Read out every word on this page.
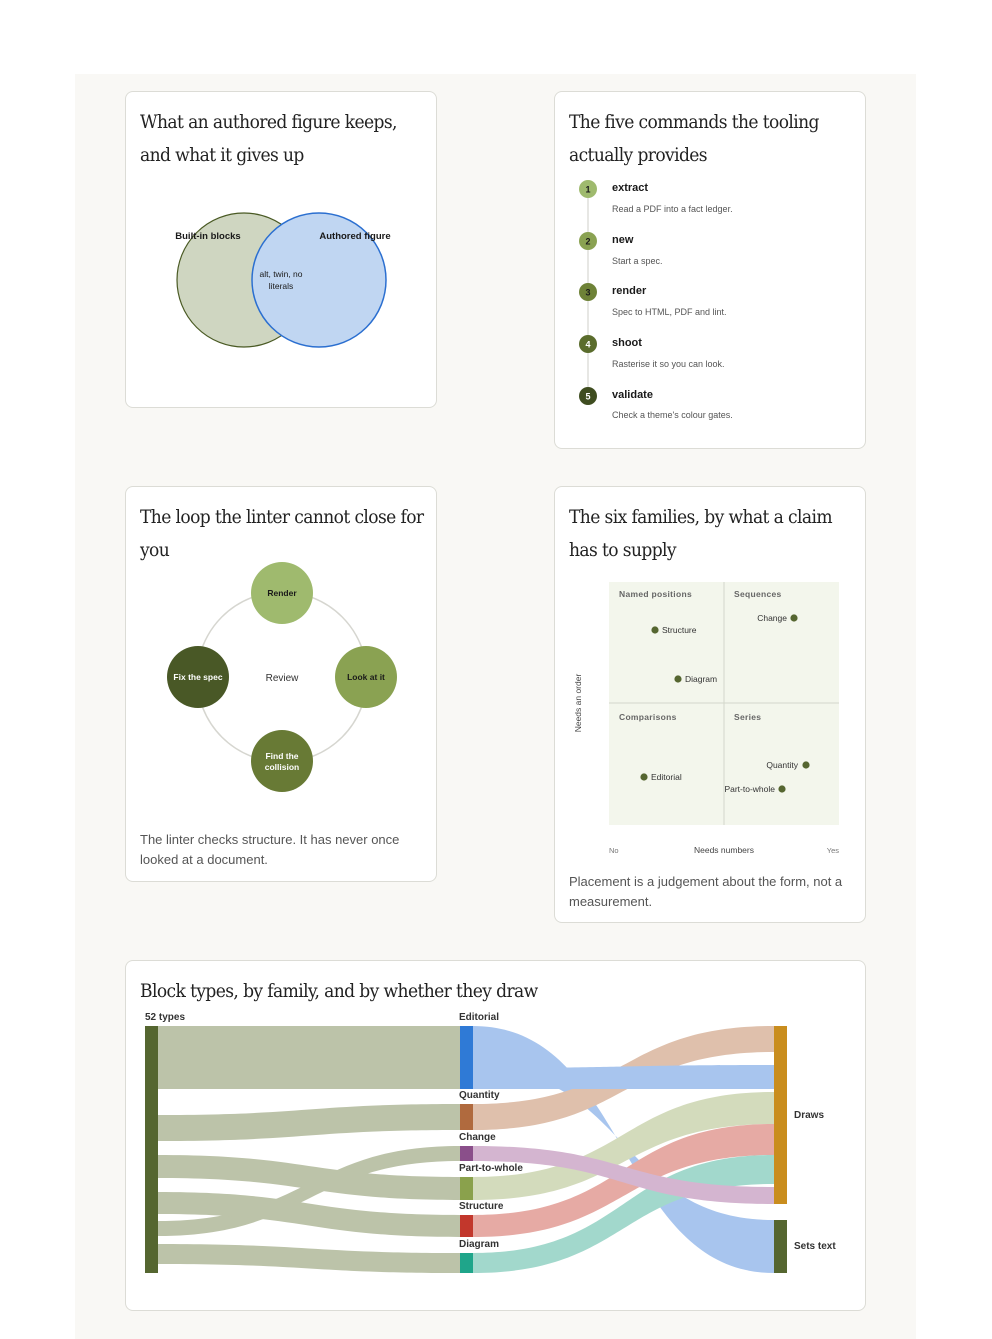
What an authored figure keeps, and what it gives up
Built-in blocks	Authored figure
alt, twin, no
literals
The five commands the tooling actually provides
1
2
3
4
5
extract
Read a PDF into a fact ledger.
new
Start a spec.
render
Spec to HTML, PDF and lint.
shoot
Rasterise it so you can look.
validate
Check a theme's colour gates.
The loop the linter cannot close for you
Review
Render
Look at it
Find the
collision
Fix the spec
The linter checks structure. It has never once looked at a document.
The six families, by what a claim has to supply
Named positions	Sequences
Comparisons	Series
Structure
Diagram
Change
Editorial
Quantity
Part-to-whole
No	Needs numbers	Yes
Needs an order
Placement is a judgement about the form, not a measurement.
Block types, by family, and by whether they draw
52 types	Editorial
Quantity
Change
Part-to-whole
Structure
Diagram
Draws
Sets text
